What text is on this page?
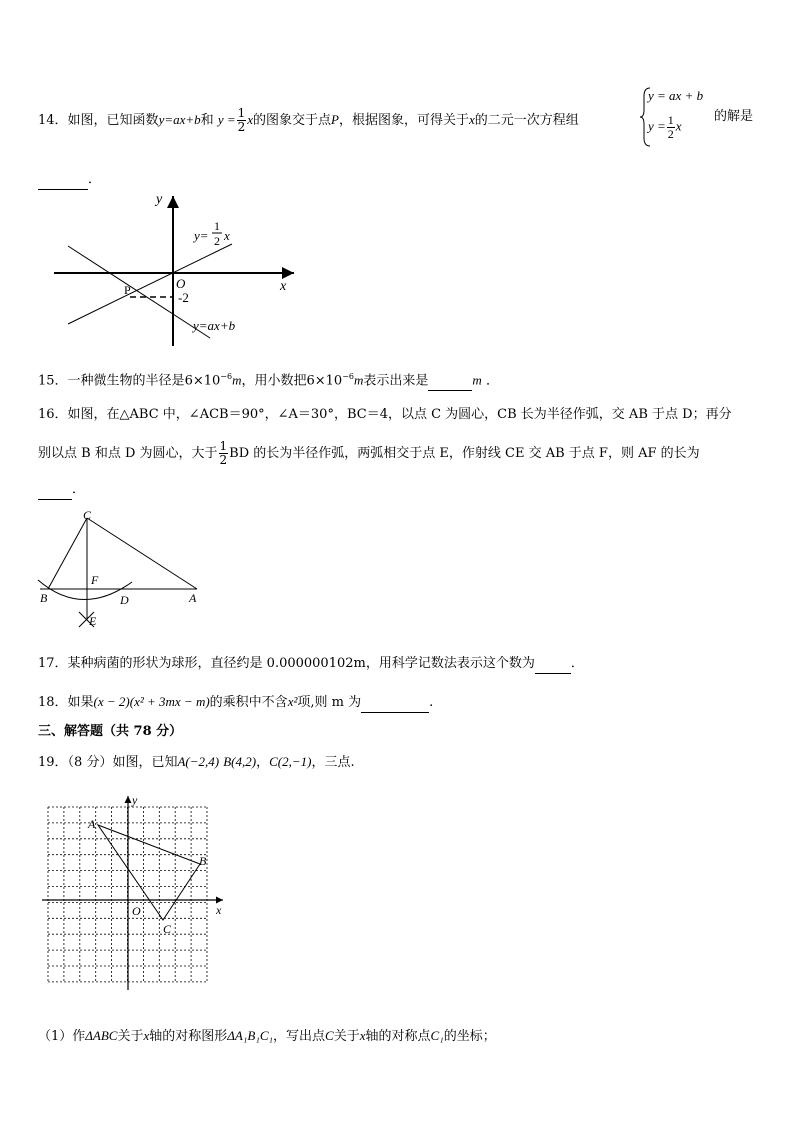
14．如图，已知函数y=ax+b和 $y = \frac{1}{2}$ x的图象交于点P，根据图象，可得关于x的二元一次方程组
y = ax + b
$y = \frac{1}{2}$ x
的解是
．
y
x
O
P	-2
y=
1
2 x
y=ax+b
15．一种微生物的半径是$6\times 10^{-6}m$，用小数把$6\times 10^{-6}m$表示出来是	m ．
16．如图，在△ABC 中，∠ACB＝90°，∠A＝30°，BC＝4，以点 C 为圆心，CB 长为半径作弧，交 AB 于点 D；再分
别以点 B 和点 D 为圆心，大于 $\frac{1}{2}$ BD 的长为半径作弧，两弧相交于点 E，作射线 CE 交 AB 于点 F，则 AF 的长为
．
C
F
B	D	A
E
17．某种病菌的形状为球形，直径约是 0.000000102m，用科学记数法表示这个数为	．
18．如果(x − 2)(x² + 3mx − m)的乘积中不含x²项,则 m 为	.
三、解答题（共 78 分）
19．（8 分）如图，已知A(−2,4) B(4,2)，C(2,−1)，三点.
y
x
O
A
B
C
（1）作ΔABC关于x轴的对称图形ΔA₁B₁C₁，写出点C关于x轴的对称点C₁的坐标；
